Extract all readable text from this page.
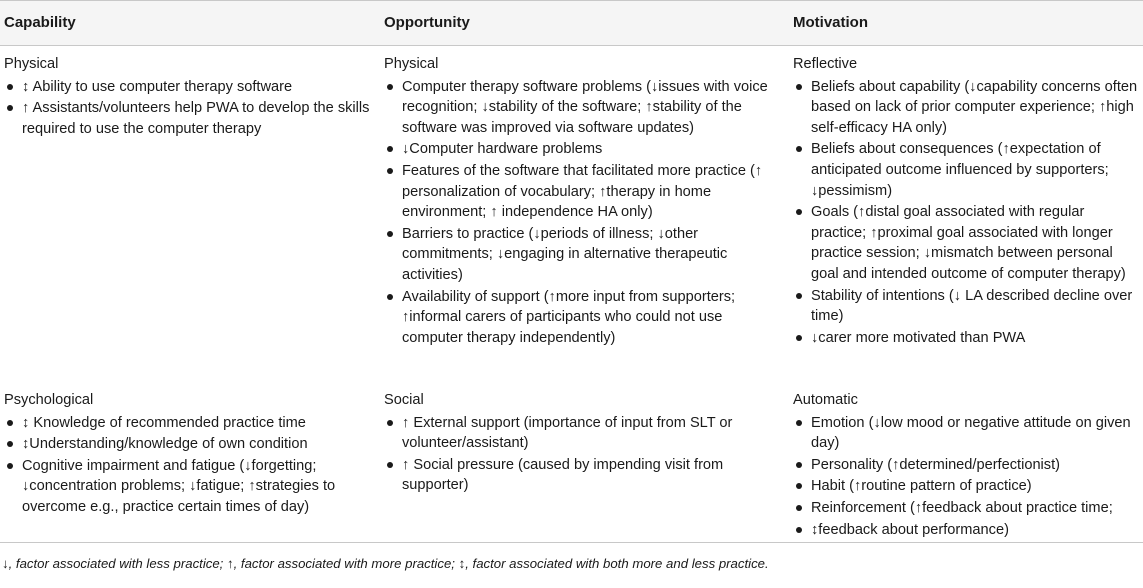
Capability	Opportunity	Motivation
Physical
↕ Ability to use computer therapy software
↑ Assistants/volunteers help PWA to develop the skills required to use the computer therapy
Physical
Computer therapy software problems (↓issues with voice recognition; ↓stability of the software; ↑stability of the software was improved via software updates)
↓Computer hardware problems
Features of the software that facilitated more practice (↑ personalization of vocabulary; ↑therapy in home environment; ↑ independence HA only)
Barriers to practice (↓periods of illness; ↓other commitments; ↓engaging in alternative therapeutic activities)
Availability of support (↑more input from supporters; ↑informal carers of participants who could not use computer therapy independently)
Reflective
Beliefs about capability (↓capability concerns often based on lack of prior computer experience; ↑high self-efficacy HA only)
Beliefs about consequences (↑expectation of anticipated outcome influenced by supporters; ↓pessimism)
Goals (↑distal goal associated with regular practice; ↑proximal goal associated with longer practice session; ↓mismatch between personal goal and intended outcome of computer therapy)
Stability of intentions (↓ LA described decline over time)
↓carer more motivated than PWA
Psychological
↕ Knowledge of recommended practice time
↕Understanding/knowledge of own condition
Cognitive impairment and fatigue (↓forgetting; ↓concentration problems; ↓fatigue; ↑strategies to overcome e.g., practice certain times of day)
Social
↑ External support (importance of input from SLT or volunteer/assistant)
↑ Social pressure (caused by impending visit from supporter)
Automatic
Emotion (↓low mood or negative attitude on given day)
Personality (↑determined/perfectionist)
Habit (↑routine pattern of practice)
Reinforcement (↑feedback about practice time;
↕feedback about performance)
↓, factor associated with less practice; ↑, factor associated with more practice; ↕, factor associated with both more and less practice.
